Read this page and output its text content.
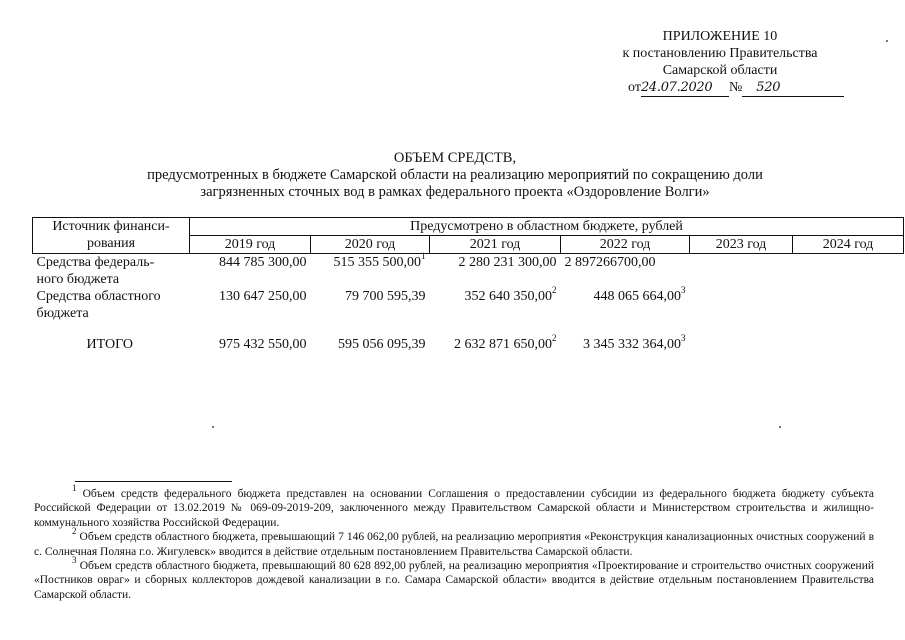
ПРИЛОЖЕНИЕ 10
к постановлению Правительства
Самарской области
от24.07.2020 № 520
ОБЪЕМ СРЕДСТВ,
предусмотренных в бюджете Самарской области на реализацию мероприятий по сокращению доли
загрязненных сточных вод в рамках федерального проекта «Оздоровление Волги»
Источник финанси-
рования	Предусмотрено в областном бюджете, рублей					
	2019 год	2020 год	2021 год	2022 год	2023 год	2024 год

Средства федераль-
ного бюджета	844 785 300,00	515 355 500,00$^1$	2 280 231 300,00	2 897266700,00		

Средства областного
бюджета	130 647 250,00	79 700 595,39	352 640 350,00$^2$	448 065 664,00$^3$		
ИТОГО	975 432 550,00	595 056 095,39	2 632 871 650,00$^2$	3 345 332 364,00$^3$		

$^1$ Объем средств федерального бюджета представлен на основании Соглашения о предоставлении субсидии из федерального бюджета бюджету субъекта Российской Федерации от 13.02.2019 № 069-09-2019-209, заключенного между Правительством Самарской области и Министерством строительства и жилищно-коммунального хозяйства Российской Федерации.

$^2$ Объем средств областного бюджета, превышающий 7 146 062,00 рублей, на реализацию мероприятия «Реконструкция канализационных очистных сооружений в с. Солнечная Поляна г.о. Жигулевск» вводится в действие отдельным постановлением Правительства Самарской области.

$^3$ Объем средств областного бюджета, превышающий 80 628 892,00 рублей, на реализацию мероприятия «Проектирование и строительство очистных сооружений «Постников овраг» и сборных коллекторов дождевой канализации в г.о. Самара Самарской области» вводится в действие отдельным постановлением Правительства Самарской области.
